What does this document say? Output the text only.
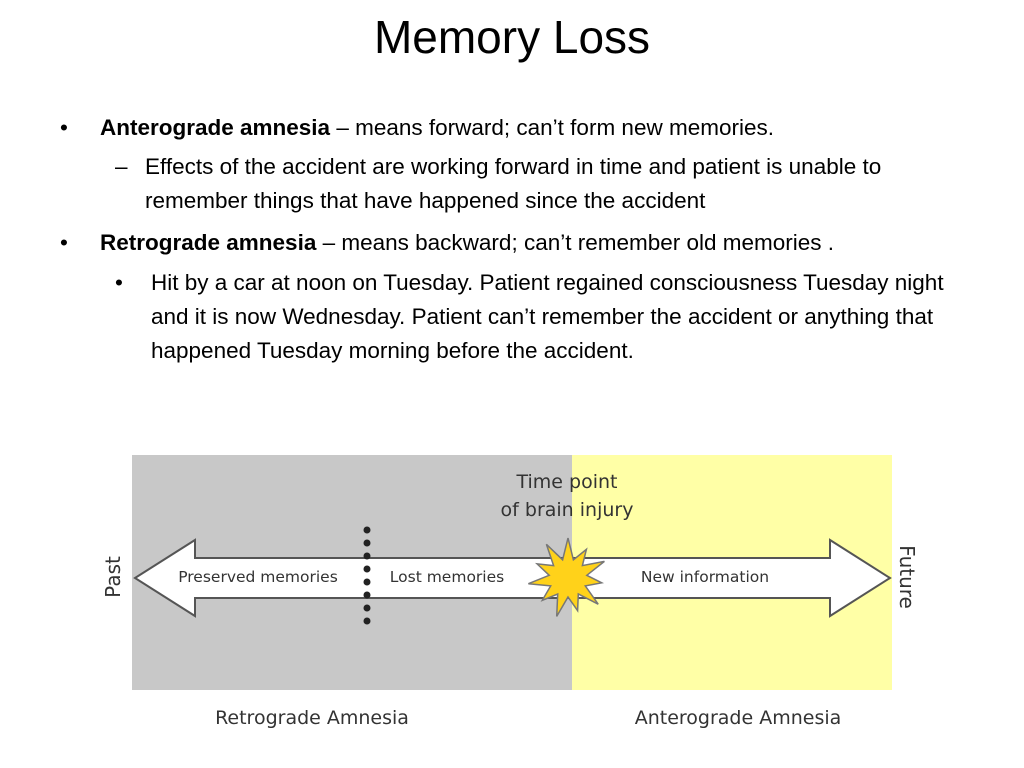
Memory Loss
• Anterograde amnesia – means forward; can’t form new memories.
– Effects of the accident are working forward in time and patient is unable to remember things that have happened since the accident
• Retrograde amnesia – means backward; can’t remember old memories .
• Hit by a car at noon on Tuesday. Patient regained consciousness Tuesday night and it is now Wednesday. Patient can’t remember the accident or anything that happened Tuesday morning before the accident.
Time point
of brain injury
Preserved memories	Lost memories	New information
Past	Future
Retrograde Amnesia	Anterograde Amnesia
